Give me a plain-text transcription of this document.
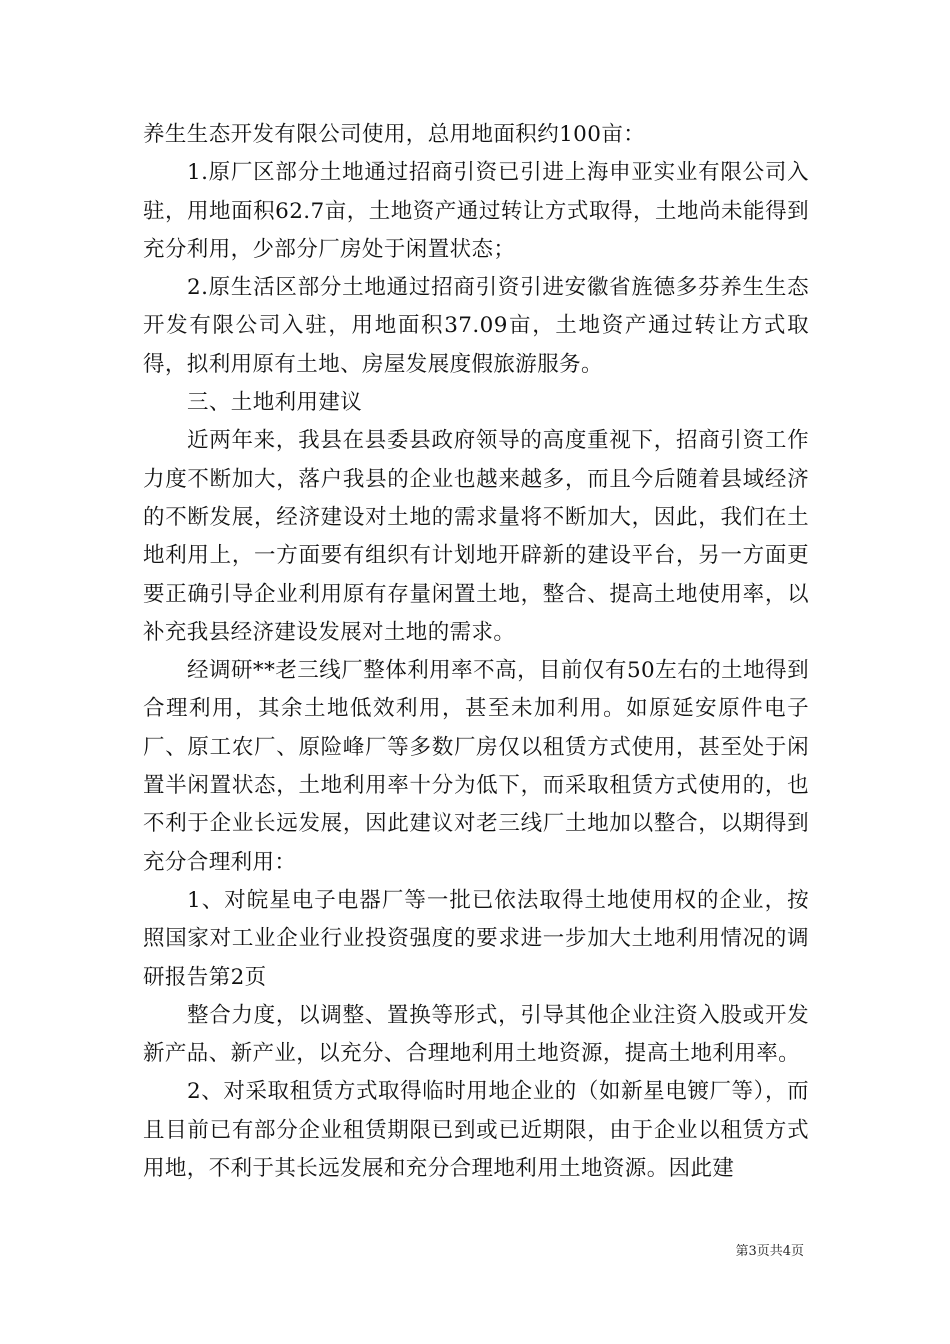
养生生态开发有限公司使用，总用地面积约100亩：

1.原厂区部分土地通过招商引资已引进上海申亚实业有限公司入驻，用地面积62.7亩，土地资产通过转让方式取得，土地尚未能得到充分利用，少部分厂房处于闲置状态；

2.原生活区部分土地通过招商引资引进安徽省旌德多芬养生生态开发有限公司入驻，用地面积37.09亩，土地资产通过转让方式取得，拟利用原有土地、房屋发展度假旅游服务。

三、土地利用建议

近两年来，我县在县委县政府领导的高度重视下，招商引资工作力度不断加大，落户我县的企业也越来越多，而且今后随着县域经济的不断发展，经济建设对土地的需求量将不断加大，因此，我们在土地利用上，一方面要有组织有计划地开辟新的建设平台，另一方面更要正确引导企业利用原有存量闲置土地，整合、提高土地使用率，以补充我县经济建设发展对土地的需求。

经调研**老三线厂整体利用率不高，目前仅有50左右的土地得到合理利用，其余土地低效利用，甚至未加利用。如原延安原件电子厂、原工农厂、原险峰厂等多数厂房仅以租赁方式使用，甚至处于闲置半闲置状态，土地利用率十分为低下，而采取租赁方式使用的，也不利于企业长远发展，因此建议对老三线厂土地加以整合，以期得到充分合理利用：

1、对皖星电子电器厂等一批已依法取得土地使用权的企业，按照国家对工业企业行业投资强度的要求进一步加大土地利用情况的调研报告第2页

整合力度，以调整、置换等形式，引导其他企业注资入股或开发新产品、新产业，以充分、合理地利用土地资源，提高土地利用率。

2、对采取租赁方式取得临时用地企业的（如新星电镀厂等），而且目前已有部分企业租赁期限已到或已近期限，由于企业以租赁方式用地，不利于其长远发展和充分合理地利用土地资源。因此建

第3页共4页
